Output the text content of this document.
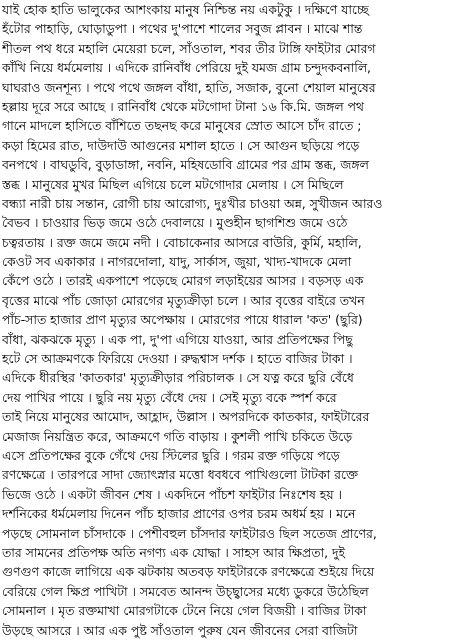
যাই হোক হাতি ভালুকের আশংকায় মানুষ নিশ্চিন্ত নয় একটুকু । দক্ষিণে যাচ্ছে
হঁটোর পাহাড়ি, ঘোড়াডুপা । পথের দু'পাশে শালের সবুজ প্লাবন । মাঝে শান্ত
শীতল পথ ধরে মহালি মেয়েরা চলে, সাঁওতাল, শবর তীর টাঙ্গি ফাইটার মোরগ
কাঁখি নিয়ে ধর্মমেলায় । এদিকে রানিবাঁধ পেরিয়ে দুই যমজ গ্রাম চন্দুদকবনালি,
ঘাঘরাও জনশূন্য । পথে পথে জঙ্গল বাঁধা, হাতি, সজাক, বুনো শেয়াল মানুষের
হল্লায় দূরে সরে আছে । রানিবাঁধ থেকে মটগোদা টানা ১৬ কি.মি. জঙ্গল পথ
গানে মাদলে হাসিতে বাঁশিতে তছনছ করে মানুষের স্রোত আসে চাঁদ রাতে ;
কড়া হিমের রাত, দাউদাউ আগুনের মশাল হাতে । সে আগুন ছড়িয়ে পড়ে
বনপথে । বাঘডুবি, বুড়াডাঙ্গা, নবনি, মহিষডোবি গ্রামের পর গ্রাম স্তব্ধ, জঙ্গল
স্তব্ধ । মানুষের মুখর মিছিল এগিয়ে চলে মটগোদার মেলায় । সে মিছিলে
বন্ধ্যা নারী চায় সন্তান, রোগী চায় আরোগ্য, দুঃখীর চাওয়া অন্ন, সুখীজন আরও
বৈভব । চাওয়ার ভিড় জমে ওঠে দেবালয়ে । মুণ্ডহীন ছাগশিশু জমে ওঠে
চত্বরতায় । রক্ত জমে জমে নদী । বোচাকেনার আসরে বাউরি, কুর্মি, মহালি,
কেওট সব একাকার । নাগরদোলা, যাদু, সার্কাস, জুয়া, খাদ্য-খাদকে মেলা
কেঁপে ওঠে । তারই একপাশে পড়েছে মোরগ লড়াইয়ের আসর । বড়সড় এক
বৃত্তের মাঝে পাঁচ জোড়া মোরগের মৃত্যুক্রীড়া চলে । আর বৃত্তের বাইরে তখন
পাঁচ-সাত হাজার প্রাণ মৃত্যুর অপেক্ষায় । মোরগের পায়ে ধারাল 'কত' (ছুরি)
বাঁধা, ঝকঝকে মৃত্যু । এক পা, দু'পা এগিয়ে যাওয়া, আর প্রতিপক্ষের পিছু
হটে সে আক্রমণকে ফিরিয়ে দেওয়া । রুদ্ধশ্বাস দর্শক । হাতে বাজির টাকা ।
এদিকে ধীরস্থির 'কাতকার' মৃত্যুক্রীড়ার পরিচালক । সে যত্ন করে ছুরি বেঁধে
দেয় পাখির পায়ে । ছুরি নয় মৃত্যু বেঁধে দেয় । সেই মৃত্যু বকে স্পর্শ করে
তাই নিয়ে মানুষের আমোদ, আহ্লাদ, উল্লাস । অপরদিকে কাতকার, ফাইটারের
মেজাজ নিয়ন্ত্রিত করে, আক্রমণে গতি বাড়ায় । কুশলী পাখি চকিতে উড়ে
এসে প্রতিপক্ষের বুকে গেঁথে দেয় স্টিলের ছুরি । গরম রক্ত গড়িয়ে পড়ে
রণক্ষেত্রে । তারপরে সাদা জ্যোৎস্নার মত্তো ধবধবে পাখিগুলো টাটকা রক্তে
ভিজে ওঠে । একটা জীবন শেষ । একদিনে পাঁচশ ফাইটার নিঃশেষ হয় ।
দর্শনিকের ধর্মমেলায় দিনেন পাঁচ হাজার প্রাণের ওপর চরম অধর্ম হয় । মনে
পড়ছে সোমনাল চাঁসদাকে । পেশীবহুল চাঁসদার ফাইটারও ছিল সতেজ প্রাণের,
তার সামনের প্রতিপক্ষ অতি নগণ্য এক যোদ্ধা । সাহস আর ক্ষিপ্রতা, দুই
গুণগুণ কাজে লাগিয়ে এক ঝটকায় অতবড় ফাইটারকে রণক্ষেত্রে শুইয়ে দিয়ে
বেরিয়ে গেল ক্ষিপ্র পাখিটা । সমবেত আনন্দ উচ্ছ্বাসের মধ্যে ডুকরে উঠেছিল
সোমনাল । মৃত রক্তমাখা মোরগটাকে টেনে নিয়ে গেল বিজয়ী । বাজির টাকা
উড়ছে আসরে । আর এক পুষ্ট সাঁওতাল পুরুষ যেন জীবনের সেরা বাজিটা
